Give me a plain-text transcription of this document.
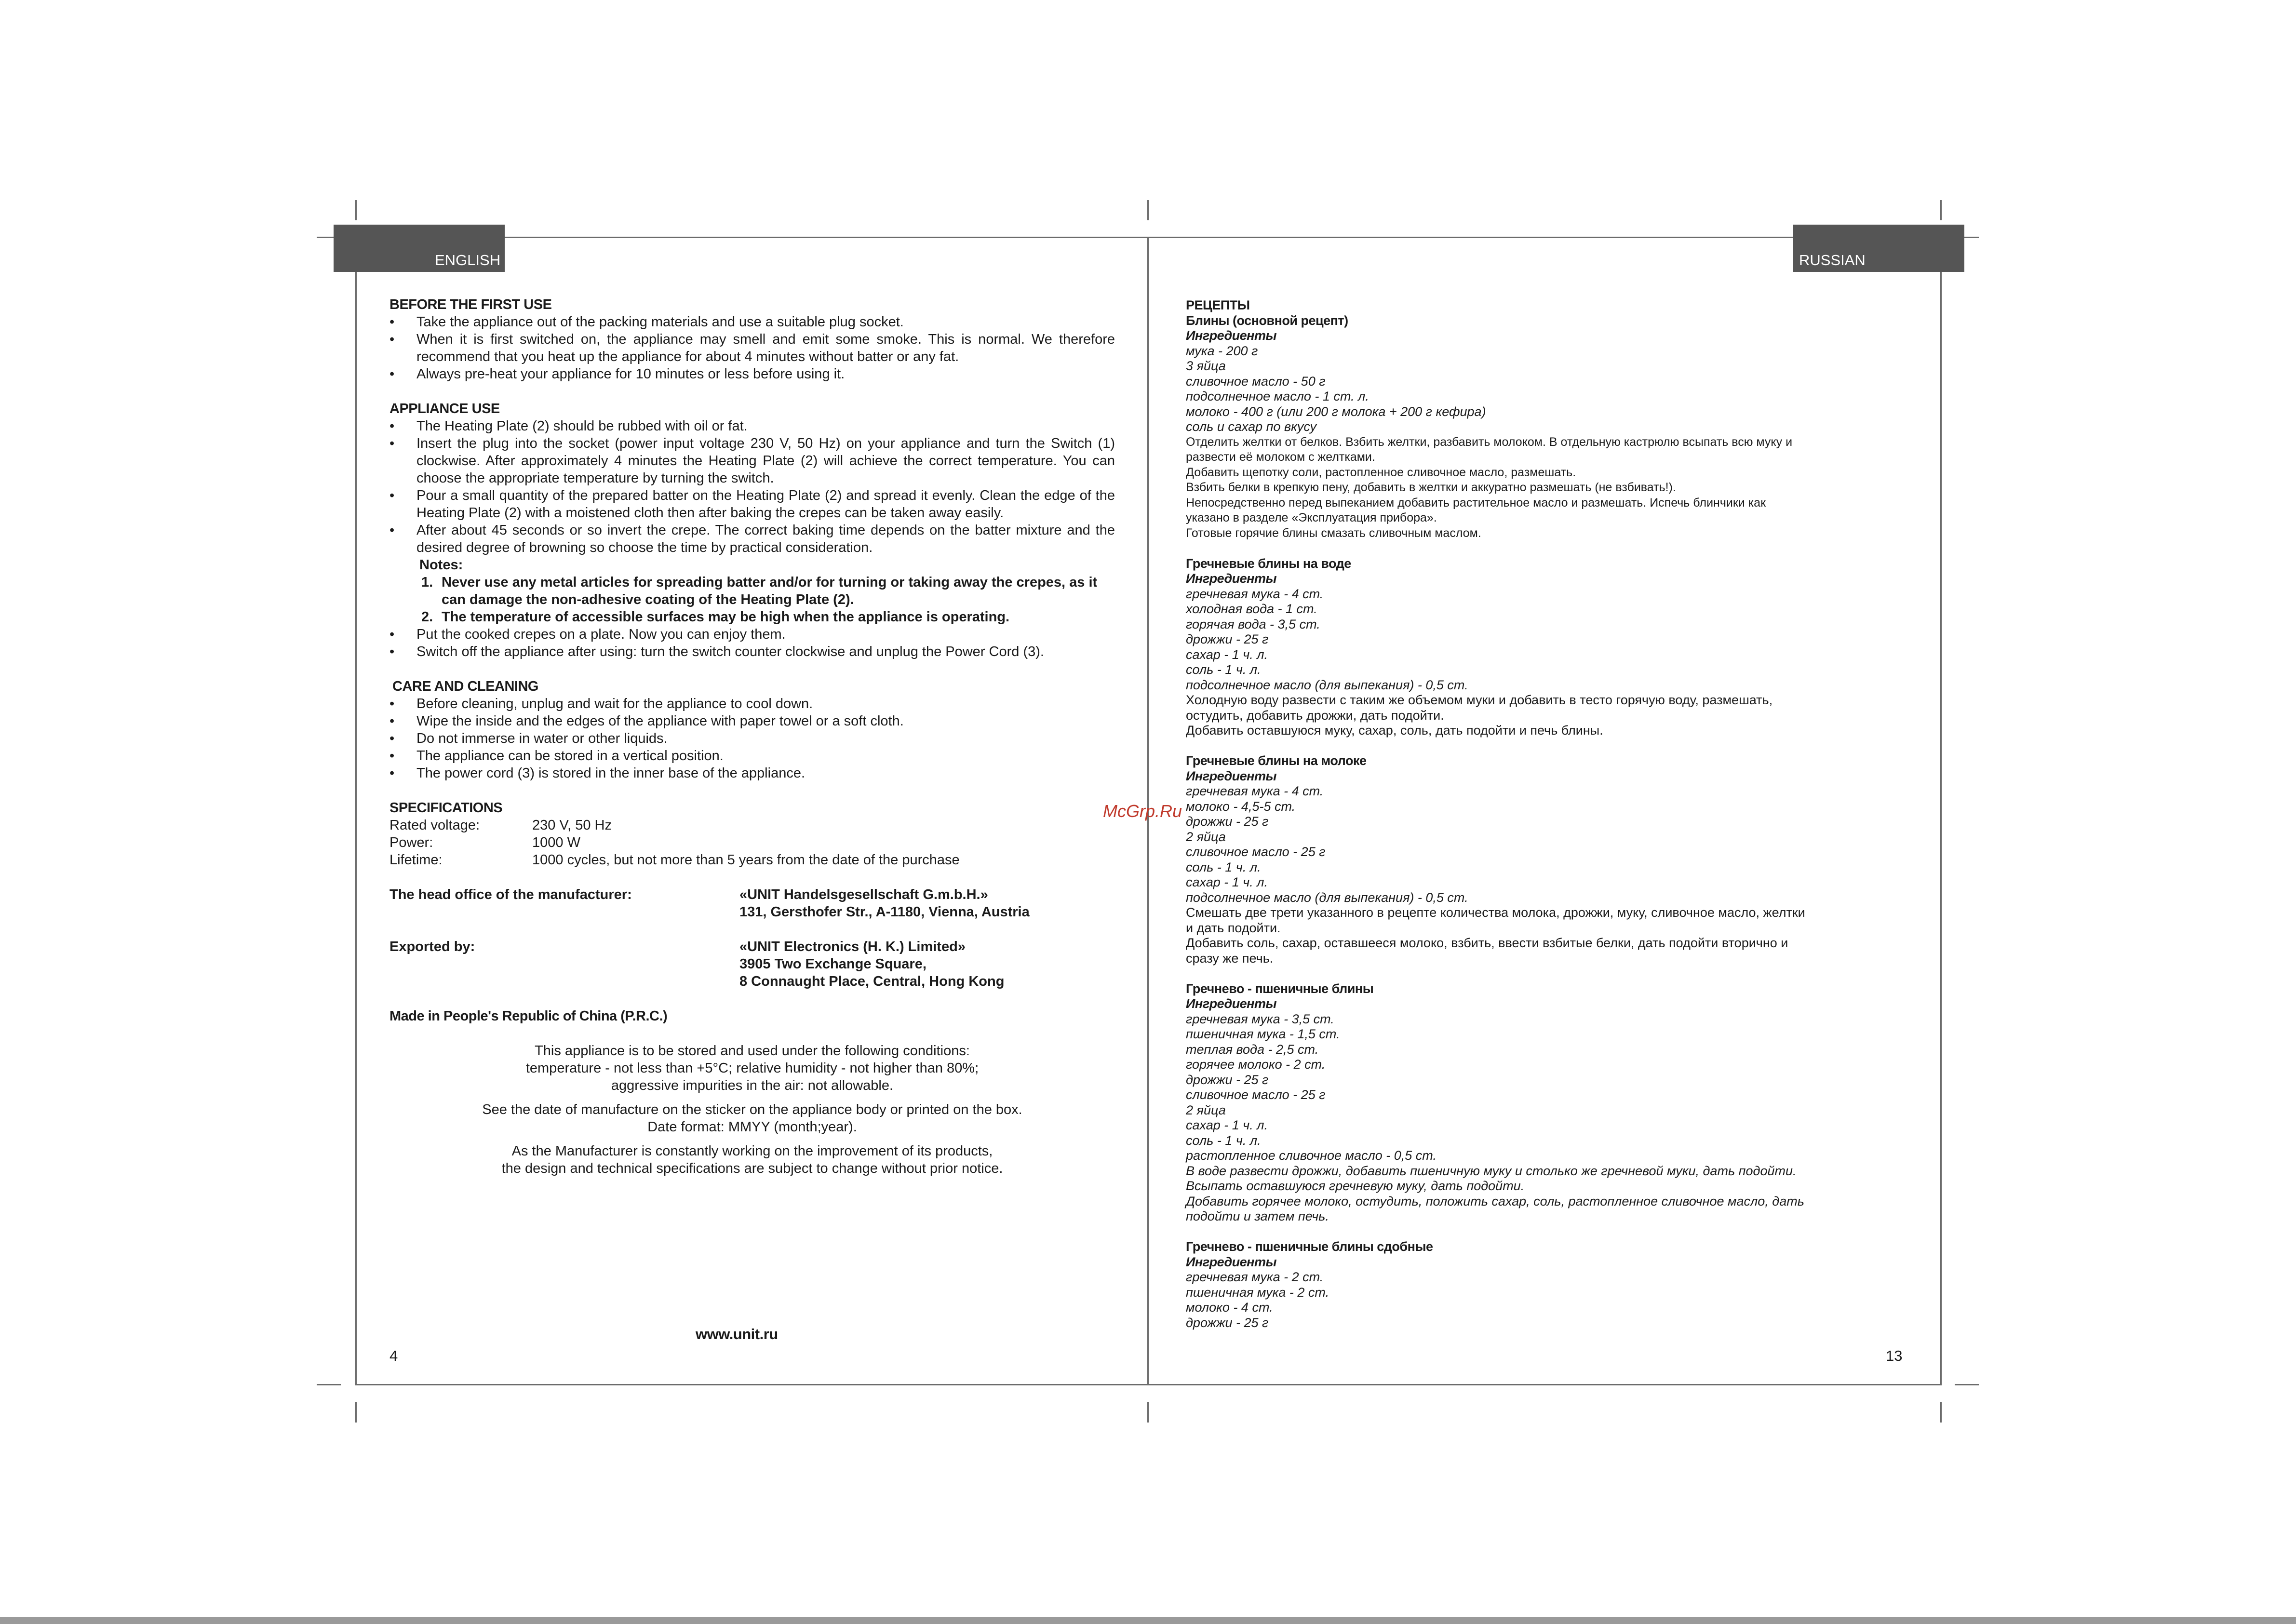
ENGLISH	RUSSIAN
BEFORE THE FIRST USE
• Take the appliance out of the packing materials and use a suitable plug socket.
• When it is first switched on, the appliance may smell and emit some smoke. This is normal. We therefore recommend that you heat up the appliance for about 4 minutes without batter or any fat.
• Always pre-heat your appliance for 10 minutes or less before using it.
APPLIANCE USE
• The Heating Plate (2) should be rubbed with oil or fat.
• Insert the plug into the socket (power input voltage 230 V, 50 Hz) on your appliance and turn the Switch (1) clockwise. After approximately 4 minutes the Heating Plate (2) will achieve the correct temperature. You can choose the appropriate temperature by turning the switch.
• Pour a small quantity of the prepared batter on the Heating Plate (2) and spread it evenly. Clean the edge of the Heating Plate (2) with a moistened cloth then after baking the crepes can be taken away easily.
• After about 45 seconds or so invert the crepe. The correct baking time depends on the batter mixture and the desired degree of browning so choose the time by practical consideration.
Notes:
1. Never use any metal articles for spreading batter and/or for turning or taking away the crepes, as it can damage the non-adhesive coating of the Heating Plate (2).
2. The temperature of accessible surfaces may be high when the appliance is operating.
• Put the cooked crepes on a plate. Now you can enjoy them.
• Switch off the appliance after using: turn the switch counter clockwise and unplug the Power Cord (3).
CARE AND CLEANING
• Before cleaning, unplug and wait for the appliance to cool down.
• Wipe the inside and the edges of the appliance with paper towel or a soft cloth.
• Do not immerse in water or other liquids.
• The appliance can be stored in a vertical position.
• The power cord (3) is stored in the inner base of the appliance.
SPECIFICATIONS
Rated voltage:	230 V, 50 Hz
Power:	1000 W
Lifetime:	1000 cycles, but not more than 5 years from the date of the purchase
The head office of the manufacturer:	«UNIT Handelsgesellschaft G.m.b.H.»
131, Gersthofer Str., A-1180, Vienna, Austria
Exported by:	«UNIT Electronics (H. K.) Limited»
3905 Two Exchange Square,
8 Connaught Place, Central, Hong Kong
Made in People's Republic of China (P.R.C.)
This appliance is to be stored and used under the following conditions:
temperature - not less than +5°C; relative humidity - not higher than 80%;
aggressive impurities in the air: not allowable.
See the date of manufacture on the sticker on the appliance body or printed on the box.
Date format: MMYY (month;year).
As the Manufacturer is constantly working on the improvement of its products,
the design and technical specifications are subject to change without prior notice.
www.unit.ru
4	13
McGrp.Ru
РЕЦЕПТЫ
Блины (основной рецепт)
Ингредиенты
мука - 200 г
3 яйца
сливочное масло - 50 г
подсолнечное масло - 1 ст. л.
молоко - 400 г (или 200 г молока + 200 г кефира)
соль и сахар по вкусу
Отделить желтки от белков. Взбить желтки, разбавить молоком. В отдельную кастрюлю всыпать всю муку и
развести её молоком с желтками.
Добавить щепотку соли, растопленное сливочное масло, размешать.
Взбить белки в крепкую пену, добавить в желтки и аккуратно размешать (не взбивать!).
Непосредственно перед выпеканием добавить растительное масло и размешать. Испечь блинчики как
указано в разделе «Эксплуатация прибора».
Готовые горячие блины смазать сливочным маслом.
Гречневые блины на воде
Ингредиенты
гречневая мука - 4 ст.
холодная вода - 1 ст.
горячая вода - 3,5 ст.
дрожжи - 25 г
сахар - 1 ч. л.
соль - 1 ч. л.
подсолнечное масло (для выпекания) - 0,5 ст.
Холодную воду развести с таким же объемом муки и добавить в тесто горячую воду, размешать,
остудить, добавить дрожжи, дать подойти.
Добавить оставшуюся муку, сахар, соль, дать подойти и печь блины.
Гречневые блины на молоке
Ингредиенты
гречневая мука - 4 ст.
молоко - 4,5-5 ст.
дрожжи - 25 г
2 яйца
сливочное масло - 25 г
соль - 1 ч. л.
сахар - 1 ч. л.
подсолнечное масло (для выпекания) - 0,5 ст.
Смешать две трети указанного в рецепте количества молока, дрожжи, муку, сливочное масло, желтки
и дать подойти.
Добавить соль, сахар, оставшееся молоко, взбить, ввести взбитые белки, дать подойти вторично и
сразу же печь.
Гречнево - пшеничные блины
Ингредиенты
гречневая мука - 3,5 ст.
пшеничная мука - 1,5 ст.
теплая вода - 2,5 ст.
горячее молоко - 2 ст.
дрожжи - 25 г
сливочное масло - 25 г
2 яйца
сахар - 1 ч. л.
соль - 1 ч. л.
растопленное сливочное масло - 0,5 ст.
В воде развести дрожжи, добавить пшеничную муку и столько же гречневой муки, дать подойти.
Всыпать оставшуюся гречневую муку, дать подойти.
Добавить горячее молоко, остудить, положить сахар, соль, растопленное сливочное масло, дать
подойти и затем печь.
Гречнево - пшеничные блины сдобные
Ингредиенты
гречневая мука - 2 ст.
пшеничная мука - 2 ст.
молоко - 4 ст.
дрожжи - 25 г
